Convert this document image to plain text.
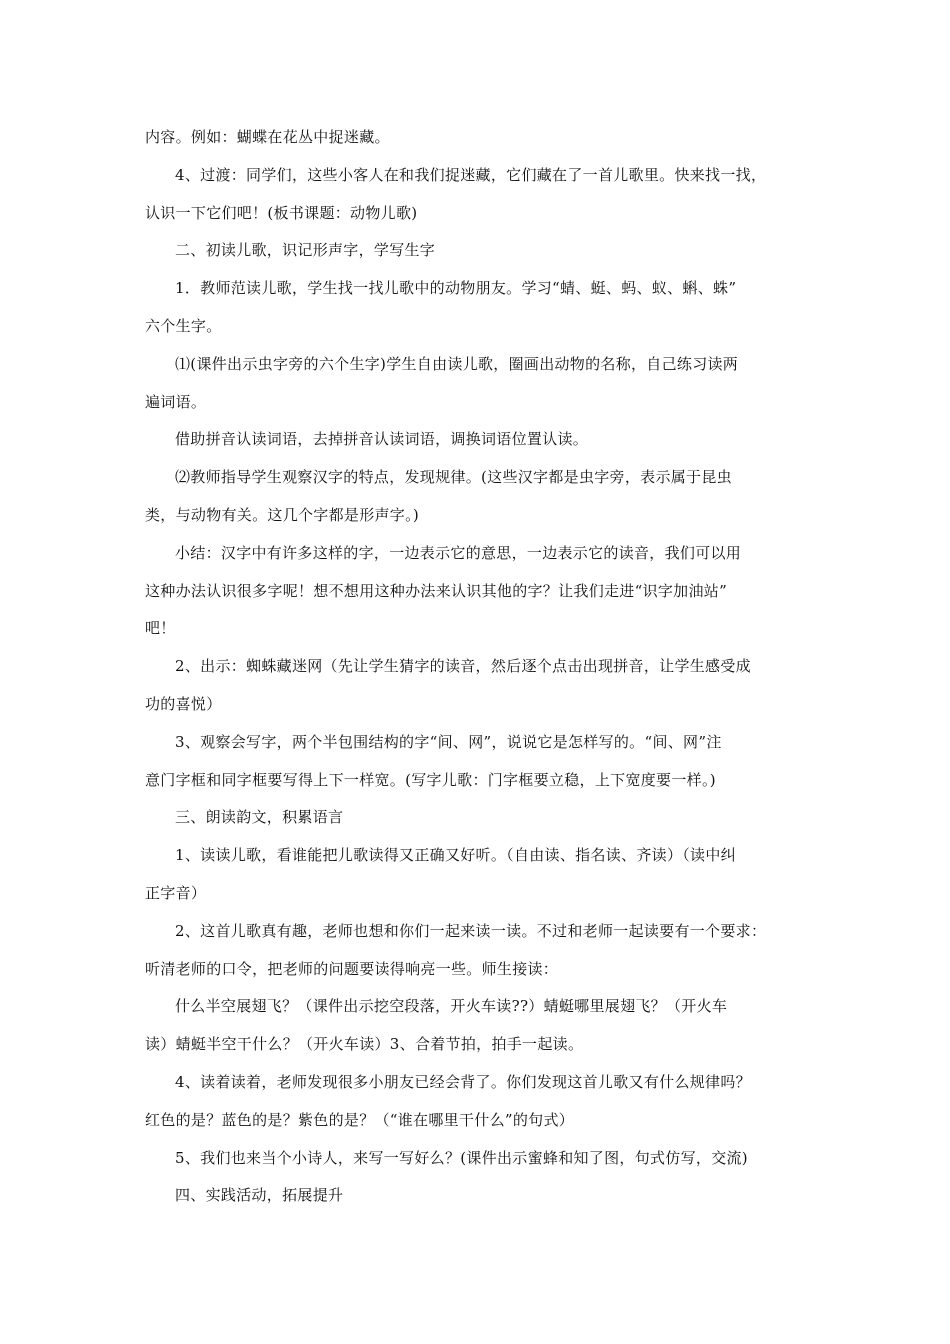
内容。例如：蝴蝶在花丛中捉迷藏。
4、过渡：同学们，这些小客人在和我们捉迷藏，它们藏在了一首儿歌里。快来找一找，
认识一下它们吧！(板书课题：动物儿歌)
二、初读儿歌，识记形声字，学写生字
1．教师范读儿歌，学生找一找儿歌中的动物朋友。学习“蜻、蜓、蚂、蚁、蝌、蛛”
六个生字。
⑴(课件出示虫字旁的六个生字)学生自由读儿歌，圈画出动物的名称，自己练习读两
遍词语。
借助拼音认读词语，去掉拼音认读词语，调换词语位置认读。
⑵教师指导学生观察汉字的特点，发现规律。(这些汉字都是虫字旁，表示属于昆虫
类，与动物有关。这几个字都是形声字。)
小结：汉字中有许多这样的字，一边表示它的意思，一边表示它的读音，我们可以用
这种办法认识很多字呢！想不想用这种办法来认识其他的字？让我们走进“识字加油站”
吧！
2、出示：蜘蛛藏迷网（先让学生猜字的读音，然后逐个点击出现拼音，让学生感受成
功的喜悦）
3、观察会写字，两个半包围结构的字“间、网”，说说它是怎样写的。“间、网”注
意门字框和同字框要写得上下一样宽。(写字儿歌：门字框要立稳，上下宽度要一样。)
三、朗读韵文，积累语言
1、读读儿歌，看谁能把儿歌读得又正确又好听。（自由读、指名读、齐读）（读中纠
正字音）
2、这首儿歌真有趣，老师也想和你们一起来读一读。不过和老师一起读要有一个要求：
听清老师的口令，把老师的问题要读得响亮一些。师生接读：
什么半空展翅飞？（课件出示挖空段落，开火车读??）蜻蜓哪里展翅飞？（开火车
读）蜻蜓半空干什么？（开火车读）3、合着节拍，拍手一起读。
4、读着读着，老师发现很多小朋友已经会背了。你们发现这首儿歌又有什么规律吗？
红色的是？蓝色的是？紫色的是？（“谁在哪里干什么”的句式）
5、我们也来当个小诗人，来写一写好么？(课件出示蜜蜂和知了图，句式仿写，交流)
四、实践活动，拓展提升
